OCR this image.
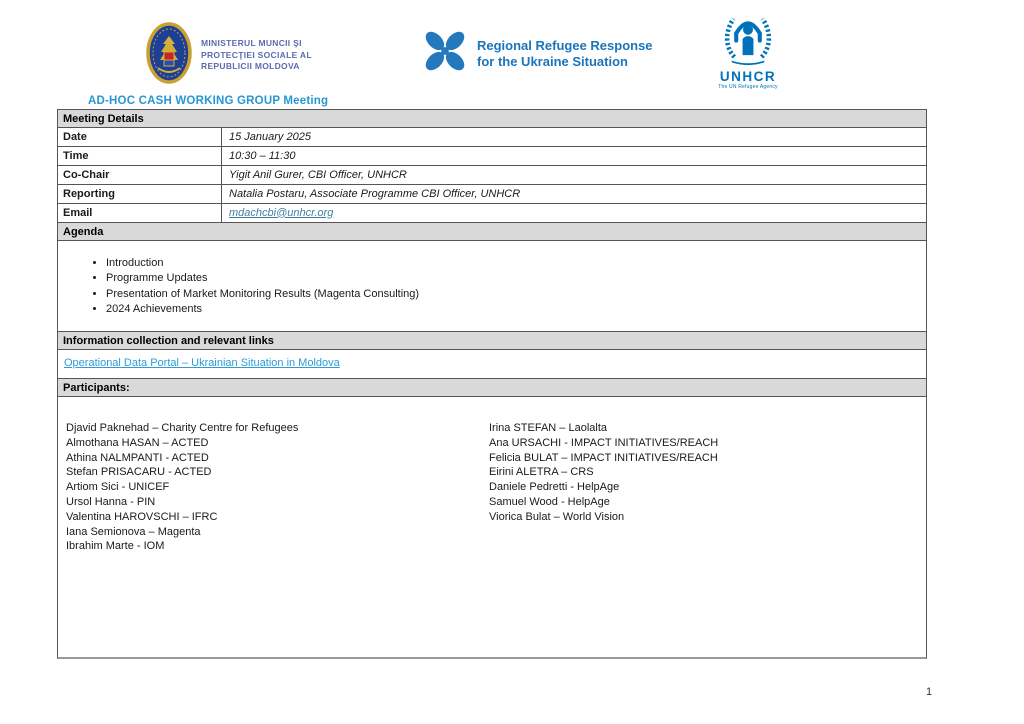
MINISTERUL MUNCII ŞI
PROTECŢIEI SOCIALE AL
REPUBLICII MOLDOVA
Regional Refugee Response
for the Ukraine Situation
UNHCR
The UN Refugee Agency
AD-HOC CASH WORKING GROUP Meeting
Meeting Details
Date	15 January 2025
Time	10:30 – 11:30
Co-Chair	Yigit Anil Gurer, CBI Officer, UNHCR
Reporting	Natalia Postaru, Associate Programme CBI Officer, UNHCR
Email	mdachcbi@unhcr.org
Agenda
• Introduction
• Programme Updates
• Presentation of Market Monitoring Results (Magenta Consulting)
• 2024 Achievements
Information collection and relevant links
Operational Data Portal – Ukrainian Situation in Moldova
Participants:
Djavid Paknehad – Charity Centre for Refugees
Almothana HASAN – ACTED
Athina NALMPANTI - ACTED
Stefan PRISACARU - ACTED
Artiom Sici - UNICEF
Ursol Hanna - PIN
Valentina HAROVSCHI – IFRC
Iana Semionova – Magenta
Ibrahim Marte - IOM
Irina STEFAN – Laolalta
Ana URSACHI - IMPACT INITIATIVES/REACH
Felicia BULAT – IMPACT INITIATIVES/REACH
Eirini ALETRA – CRS
Daniele Pedretti - HelpAge
Samuel Wood - HelpAge
Viorica Bulat – World Vision
1
